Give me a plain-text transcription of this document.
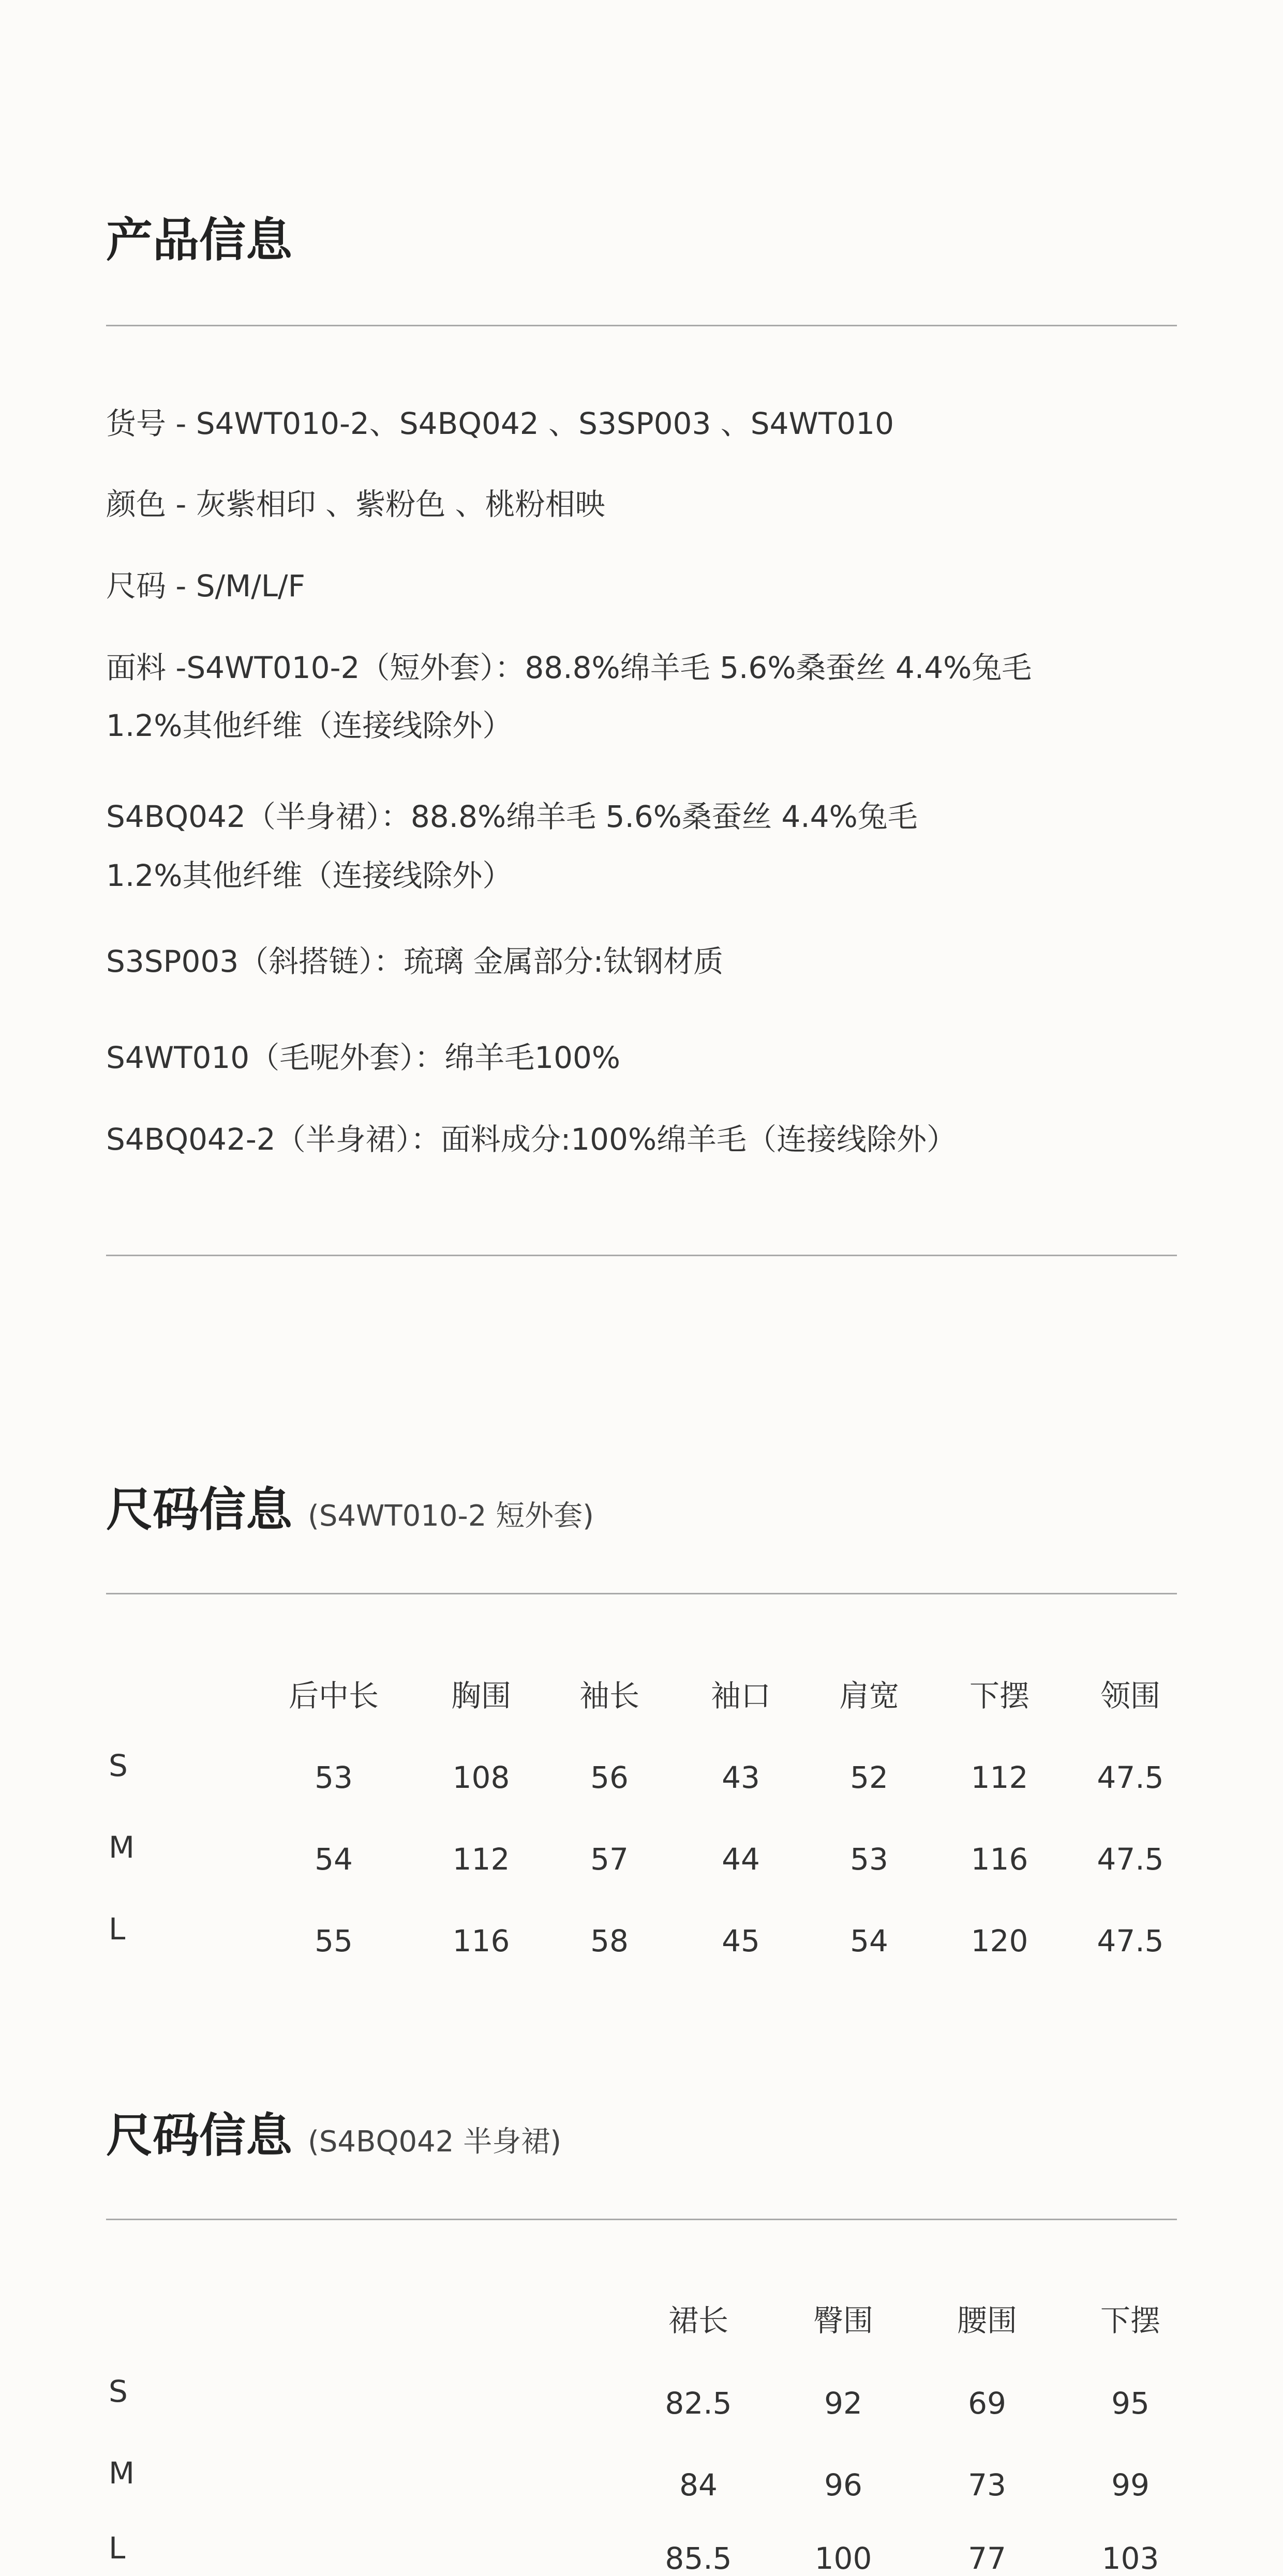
产品信息
货号 - S4WT010-2、S4BQ042 、S3SP003 、S4WT010
颜色 - 灰紫相印 、紫粉色 、桃粉相映
尺码 - S/M/L/F
面料 -S4WT010-2（短外套）：88.8%绵羊毛 5.6%桑蚕丝 4.4%兔毛
1.2%其他纤维（连接线除外）
S4BQ042（半身裙）：88.8%绵羊毛 5.6%桑蚕丝 4.4%兔毛
1.2%其他纤维（连接线除外）
S3SP003（斜搭链）：琉璃 金属部分:钛钢材质
S4WT010（毛呢外套）：绵羊毛100%
S4BQ042-2（半身裙）：面料成分:100%绵羊毛（连接线除外）
尺码信息 (S4WT010-2 短外套)
后中长 胸围 袖长 袖口 肩宽 下摆 领围
S	53	108	56	43	52	112 47.5
M	54	112	57	44	53	116 47.5
L	55	116	58	45	54	120 47.5
尺码信息 (S4BQ042 半身裙)
裙长	臀围	腰围	下摆
S	82.5	92	69	95
M	84	96	73	99
L	85.5	100	77	103
